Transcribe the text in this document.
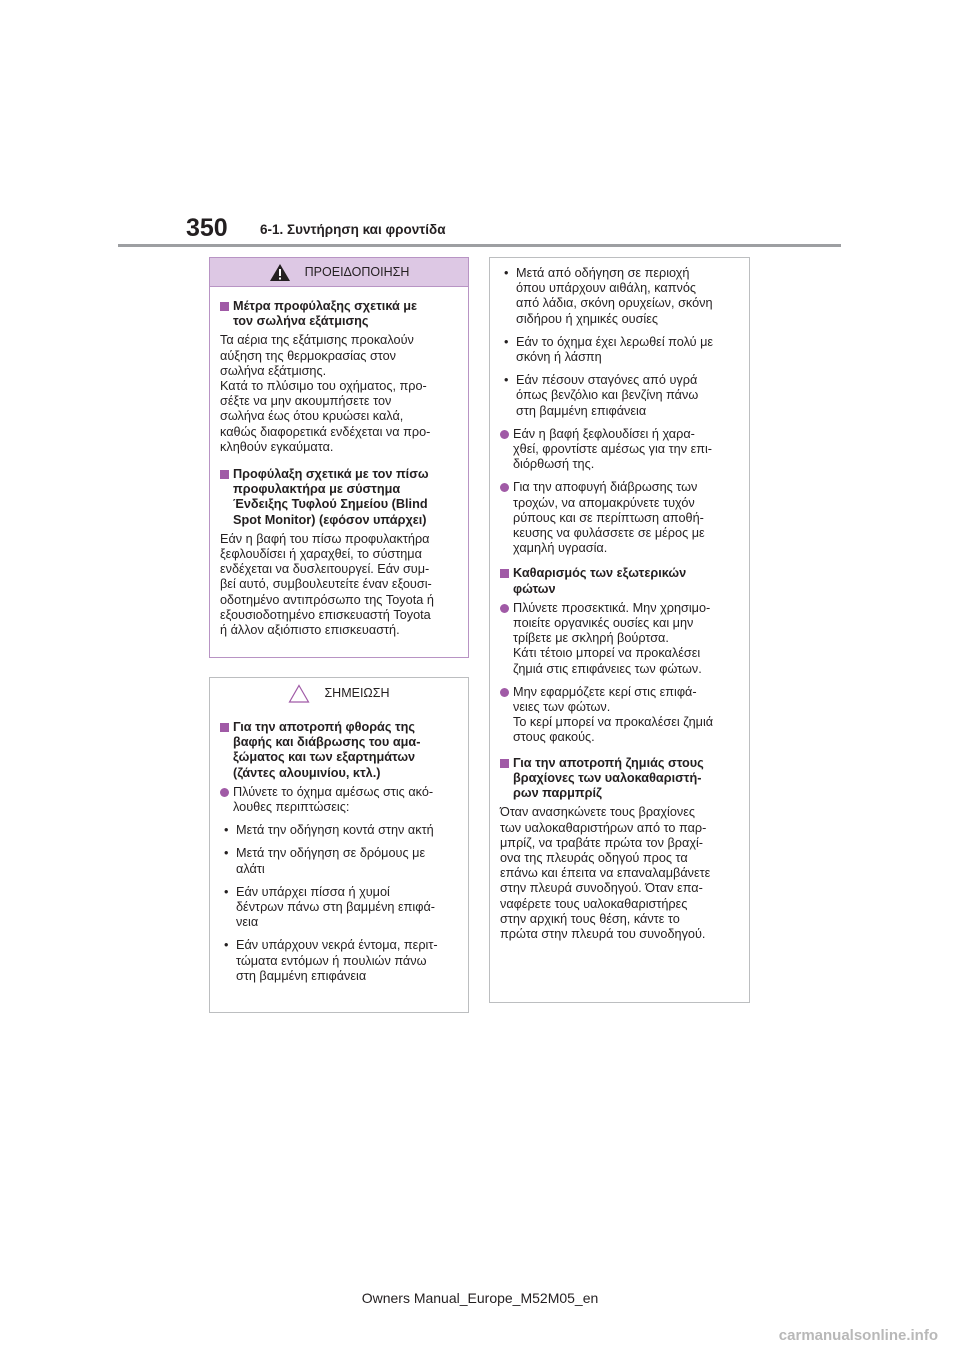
350 6-1. Συντήρηση και φροντίδα
ΠΡΟΕΙΔΟΠΟΙΗΣΗ
Μέτρα προφύλαξης σχετικά με
τον σωλήνα εξάτμισης
Τα αέρια της εξάτμισης προκαλούν
αύξηση της θερμοκρασίας στον
σωλήνα εξάτμισης.
Κατά το πλύσιμο του οχήματος, προ-
σέξτε να μην ακουμπήσετε τον
σωλήνα έως ότου κρυώσει καλά,
καθώς διαφορετικά ενδέχεται να προ-
κληθούν εγκαύματα.
Προφύλαξη σχετικά με τον πίσω
προφυλακτήρα με σύστημα
Ένδειξης Τυφλού Σημείου (Blind
Spot Monitor) (εφόσον υπάρχει)
Εάν η βαφή του πίσω προφυλακτήρα
ξεφλουδίσει ή χαραχθεί, το σύστημα
ενδέχεται να δυσλειτουργεί. Εάν συμ-
βεί αυτό, συμβουλευτείτε έναν εξουσι-
οδοτημένο αντιπρόσωπο της Toyota ή
εξουσιοδοτημένο επισκευαστή Toyota
ή άλλον αξιόπιστο επισκευαστή.
ΣΗΜΕΙΩΣΗ
Για την αποτροπή φθοράς της
βαφής και διάβρωσης του αμα-
ξώματος και των εξαρτημάτων
(ζάντες αλουμινίου, κτλ.)
Πλύνετε το όχημα αμέσως στις ακό-
λουθες περιπτώσεις:
• Μετά την οδήγηση κοντά στην ακτή
• Μετά την οδήγηση σε δρόμους με
αλάτι
• Εάν υπάρχει πίσσα ή χυμοί
δέντρων πάνω στη βαμμένη επιφά-
νεια
• Εάν υπάρχουν νεκρά έντομα, περιτ-
τώματα εντόμων ή πουλιών πάνω
στη βαμμένη επιφάνεια
• Μετά από οδήγηση σε περιοχή
όπου υπάρχουν αιθάλη, καπνός
από λάδια, σκόνη ορυχείων, σκόνη
σιδήρου ή χημικές ουσίες
• Εάν το όχημα έχει λερωθεί πολύ με
σκόνη ή λάσπη
• Εάν πέσουν σταγόνες από υγρά
όπως βενζόλιο και βενζίνη πάνω
στη βαμμένη επιφάνεια
Εάν η βαφή ξεφλουδίσει ή χαρα-
χθεί, φροντίστε αμέσως για την επι-
διόρθωσή της.
Για την αποφυγή διάβρωσης των
τροχών, να απομακρύνετε τυχόν
ρύπους και σε περίπτωση αποθή-
κευσης να φυλάσσετε σε μέρος με
χαμηλή υγρασία.
Καθαρισμός των εξωτερικών
φώτων
Πλύνετε προσεκτικά. Μην χρησιμο-
ποιείτε οργανικές ουσίες και μην
τρίβετε με σκληρή βούρτσα.
Κάτι τέτοιο μπορεί να προκαλέσει
ζημιά στις επιφάνειες των φώτων.
Μην εφαρμόζετε κερί στις επιφά-
νειες των φώτων.
Το κερί μπορεί να προκαλέσει ζημιά
στους φακούς.
Για την αποτροπή ζημιάς στους
βραχίονες των υαλοκαθαριστή-
ρων παρμπρίζ
Όταν ανασηκώνετε τους βραχίονες
των υαλοκαθαριστήρων από το παρ-
μπρίζ, να τραβάτε πρώτα τον βραχί-
ονα της πλευράς οδηγού προς τα
επάνω και έπειτα να επαναλαμβάνετε
στην πλευρά συνοδηγού. Όταν επα-
ναφέρετε τους υαλοκαθαριστήρες
στην αρχική τους θέση, κάντε το
πρώτα στην πλευρά του συνοδηγού.
Owners Manual_Europe_M52M05_en
carmanualsonline.info
